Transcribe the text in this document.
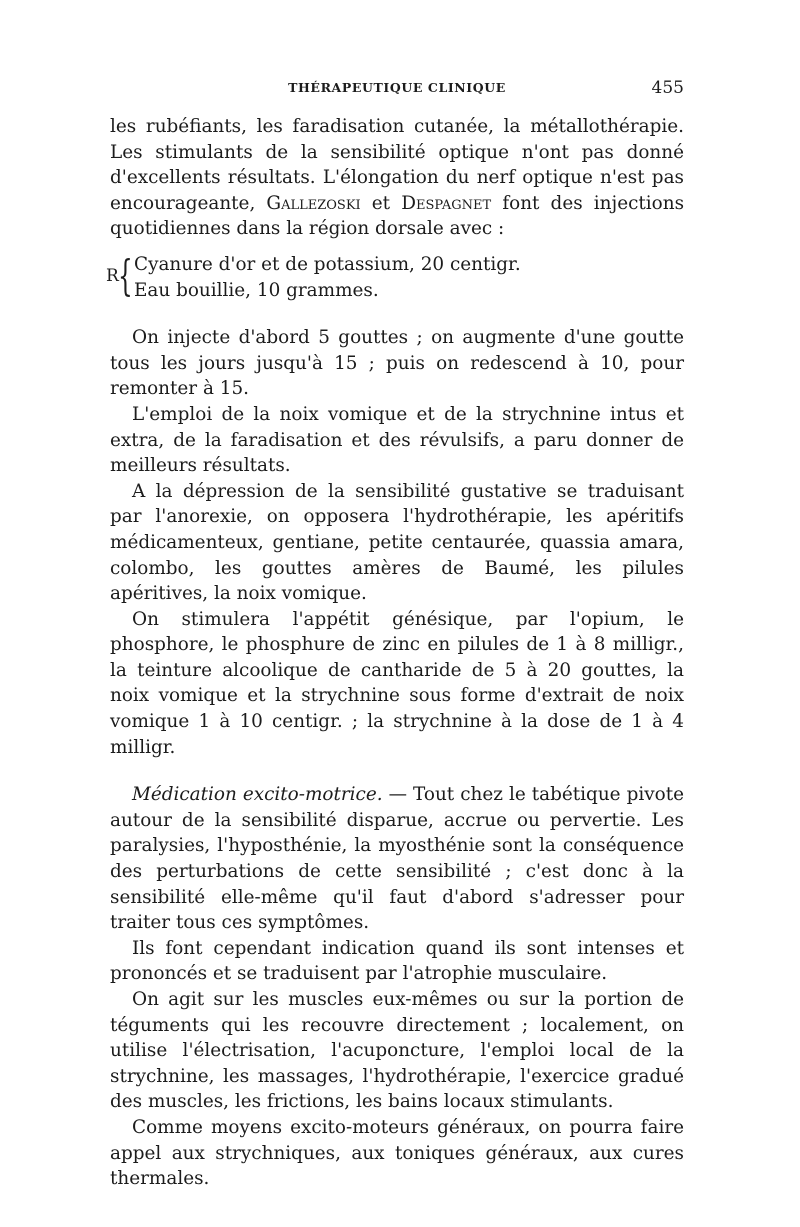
THÉRAPEUTIQUE CLINIQUE	455

les rubéfiants, les faradisation cutanée, la métallothérapie. Les stimulants de la sensibilité optique n'ont pas donné d'excellents résultats. L'élongation du nerf optique n'est pas encourageante, Gallezoski et Despagnet font des injections quotidiennes dans la région dorsale avec :

R { Cyanure d'or et de potassium, 20 centigr.
Eau bouillie, 10 grammes.

On injecte d'abord 5 gouttes ; on augmente d'une goutte tous les jours jusqu'à 15 ; puis on redescend à 10, pour remonter à 15.

L'emploi de la noix vomique et de la strychnine intus et extra, de la faradisation et des révulsifs, a paru donner de meilleurs résultats.

A la dépression de la sensibilité gustative se traduisant par l'anorexie, on opposera l'hydrothérapie, les apéritifs médicamenteux, gentiane, petite centaurée, quassia amara, colombo, les gouttes amères de Baumé, les pilules apéritives, la noix vomique.

On stimulera l'appétit génésique, par l'opium, le phosphore, le phosphure de zinc en pilules de 1 à 8 milligr., la teinture alcoolique de cantharide de 5 à 20 gouttes, la noix vomique et la strychnine sous forme d'extrait de noix vomique 1 à 10 centigr. ; la strychnine à la dose de 1 à 4 milligr.

Médication excito-motrice. — Tout chez le tabétique pivote autour de la sensibilité disparue, accrue ou pervertie. Les paralysies, l'hyposthénie, la myosthénie sont la conséquence des perturbations de cette sensibilité ; c'est donc à la sensibilité elle-même qu'il faut d'abord s'adresser pour traiter tous ces symptômes.

Ils font cependant indication quand ils sont intenses et prononcés et se traduisent par l'atrophie musculaire.

On agit sur les muscles eux-mêmes ou sur la portion de téguments qui les recouvre directement ; localement, on utilise l'électrisation, l'acuponcture, l'emploi local de la strychnine, les massages, l'hydrothérapie, l'exercice gradué des muscles, les frictions, les bains locaux stimulants.

Comme moyens excito-moteurs généraux, on pourra faire appel aux strychniques, aux toniques généraux, aux cures thermales.
